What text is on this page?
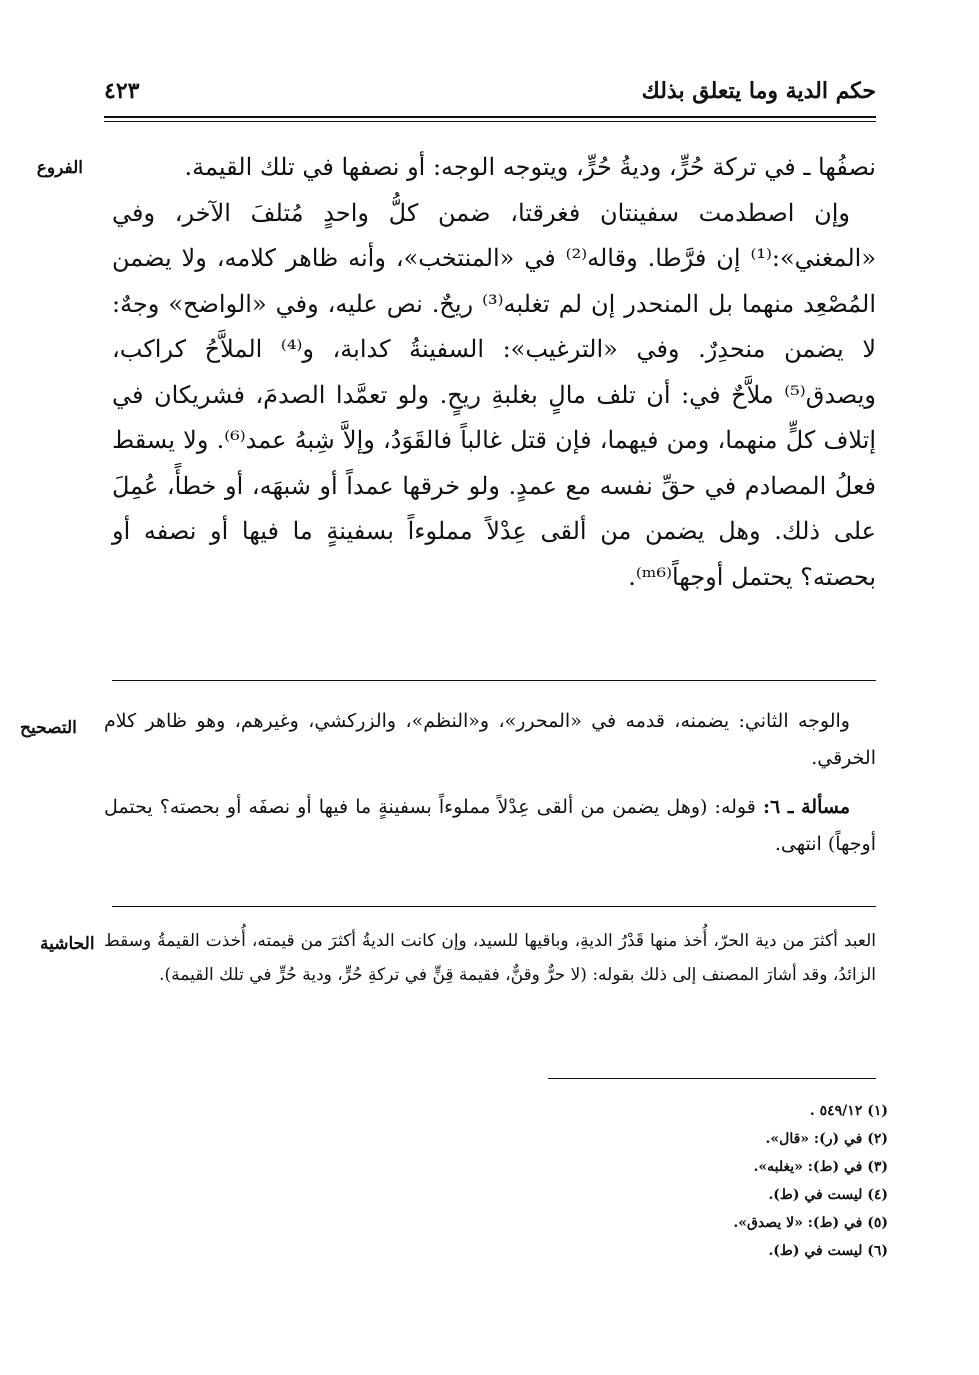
حكم الدية وما يتعلق بذلك
٤٢٣
الفروع	نصفُها ـ في تركة حُرٍّ، وديةُ حُرٍّ، ويتوجه الوجه: أو نصفها في تلك القيمة.

وإن اصطدمت سفينتان فغرقتا، ضمن كلُّ واحدٍ مُتلفَ الآخر، وفي «المغني»:⁽¹⁾ إن فرَّطا. وقاله⁽²⁾ في «المنتخب»، وأنه ظاهر كلامه، ولا يضمن المُصْعِد منهما بل المنحدر إن لم تغلبه⁽³⁾ ريحٌ. نص عليه، وفي «الواضح» وجهٌ: لا يضمن منحدِرٌ. وفي «الترغيب»: السفينةُ كدابة، و⁽⁴⁾ الملاَّحُ كراكب، ويصدق⁽⁵⁾ ملاَّحٌ في: أن تلف مالٍ بغلبةِ ريحٍ. ولو تعمَّدا الصدمَ، فشريكان في إتلاف كلٍّ منهما، ومن فيهما، فإن قتل غالباً فالقَوَدُ، وإلاَّ شِبهُ عمد⁽⁶⁾. ولا يسقط فعلُ المصادم في حقِّ نفسه مع عمدٍ. ولو خرقها عمداً أو شبهَه، أو خطأً، عُمِلَ على ذلك. وهل يضمن من ألقى عِدْلاً مملوءاً بسفينةٍ ما فيها أو نصفه أو بحصته؟ يحتمل أوجهاً⁽ᵐ⁶⁾.

التصحيح والوجه الثاني: يضمنه، قدمه في «المحرر»، و«النظم»، والزركشي، وغيرهم، وهو ظاهر كلام الخرقي.

مسألة ـ ٦: قوله: (وهل يضمن من ألقى عِدْلاً مملوءاً بسفينةٍ ما فيها أو نصفَه أو بحصته؟ يحتمل أوجهاً) انتهى.

الحاشية العبد أكثرَ من دية الحرّ، أُخذ منها قَدْرُ الديةِ، وباقيها للسيد، وإن كانت الديةُ أكثرَ من قيمته، أُخذت القيمةُ وسقط الزائدُ، وقد أشارَ المصنف إلى ذلك بقوله: (لا حرٌّ وقنٌّ، فقيمة قِنٍّ في تركةِ حُرٍّ، ودية حُرٍّ في تلك القيمة).

(١) ٥٤٩/١٢ .
(٢) في (ر): «قال».
(٣) في (ط): «يغلبه».
(٤) ليست في (ط).
(٥) في (ط): «لا يصدق».
(٦) ليست في (ط).
